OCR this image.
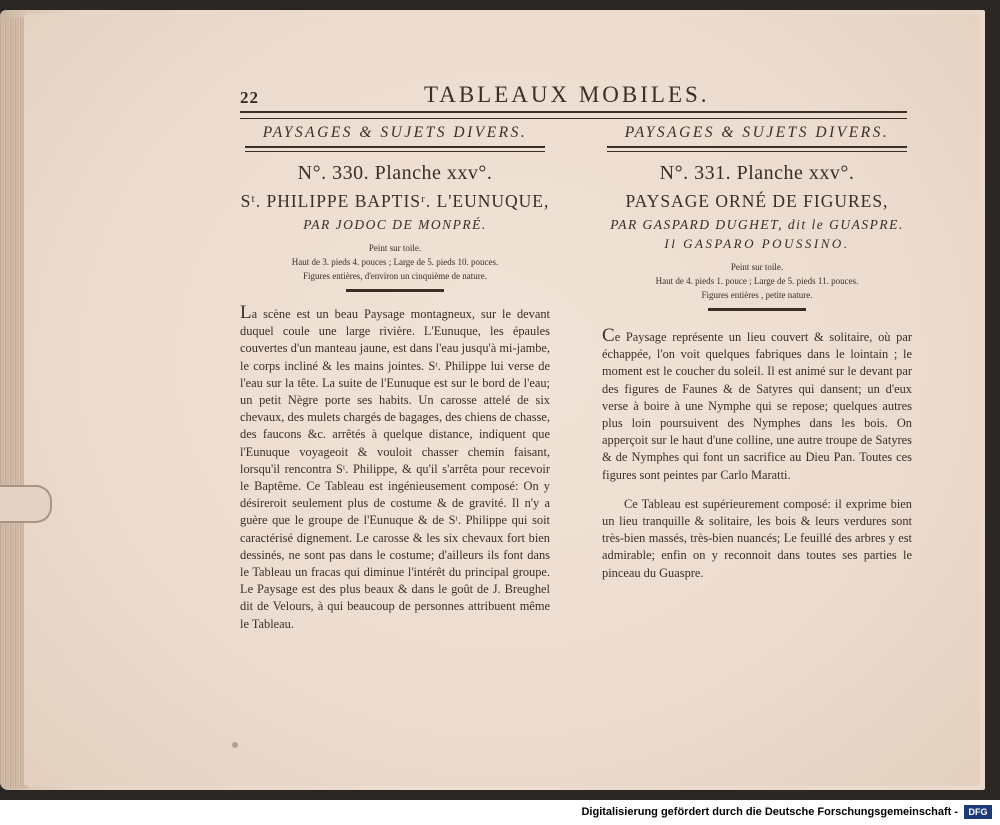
22	TABLEAUX MOBILES.
PAYSAGES & SUJETS DIVERS.
N°. 330. Planche xxv°.
Sᵗ. PHILIPPE BAPTISʳ. L'EUNUQUE,
PAR JODOC DE MONPRÉ.
Peint sur toile.
Haut de 3. pieds 4. pouces ; Large de 5. pieds 10. pouces.
Figures entières, d'environ un cinquième de nature.

La scène est un beau Paysage montagneux, sur le devant duquel coule une large rivière. L'Eunuque, les épaules couvertes d'un manteau jaune, est dans l'eau jusqu'à mi-jambe, le corps incliné & les mains jointes. Sᵗ. Philippe lui verse de l'eau sur la tête. La suite de l'Eunuque est sur le bord de l'eau; un petit Nègre porte ses habits. Un carosse attelé de six chevaux, des mulets chargés de bagages, des chiens de chasse, des faucons &c. arrêtés à quelque distance, indiquent que l'Eunuque voyageoit & vouloit chasser chemin faisant, lorsqu'il rencontra Sᵗ. Philippe, & qu'il s'arrêta pour recevoir le Baptême. Ce Tableau est ingénieusement composé: On y désireroit seulement plus de costume & de gravité. Il n'y a guère que le groupe de l'Eunuque & de Sᵗ. Philippe qui soit caractérisé dignement. Le carosse & les six chevaux fort bien dessinés, ne sont pas dans le costume; d'ailleurs ils font dans le Tableau un fracas qui diminue l'intérêt du principal groupe. Le Paysage est des plus beaux & dans le goût de J. Breughel dit de Velours, à qui beaucoup de personnes attribuent même le Tableau.

PAYSAGES & SUJETS DIVERS.
N°. 331. Planche xxv°.
PAYSAGE ORNÉ DE FIGURES,
PAR GASPARD DUGHET, dit le GUASPRE.
Il GASPARO POUSSINO.
Peint sur toile.
Haut de 4. pieds 1. pouce ; Large de 5. pieds 11. pouces.
Figures entières , petite nature.

Ce Paysage représente un lieu couvert & solitaire, où par échappée, l'on voit quelques fabriques dans le lointain ; le moment est le coucher du soleil. Il est animé sur le devant par des figures de Faunes & de Satyres qui dansent; un d'eux verse à boire à une Nymphe qui se repose; quelques autres plus loin poursuivent des Nymphes dans les bois. On apperçoit sur le haut d'une colline, une autre troupe de Satyres & de Nymphes qui font un sacrifice au Dieu Pan. Toutes ces figures sont peintes par Carlo Maratti.

Ce Tableau est supérieurement composé: il exprime bien un lieu tranquille & solitaire, les bois & leurs verdures sont très-bien massés, très-bien nuancés; Le feuillé des arbres y est admirable; enfin on y reconnoit dans toutes ses parties le pinceau du Guaspre.

Digitalisierung gefördert durch die Deutsche Forschungsgemeinschaft -	DFG
